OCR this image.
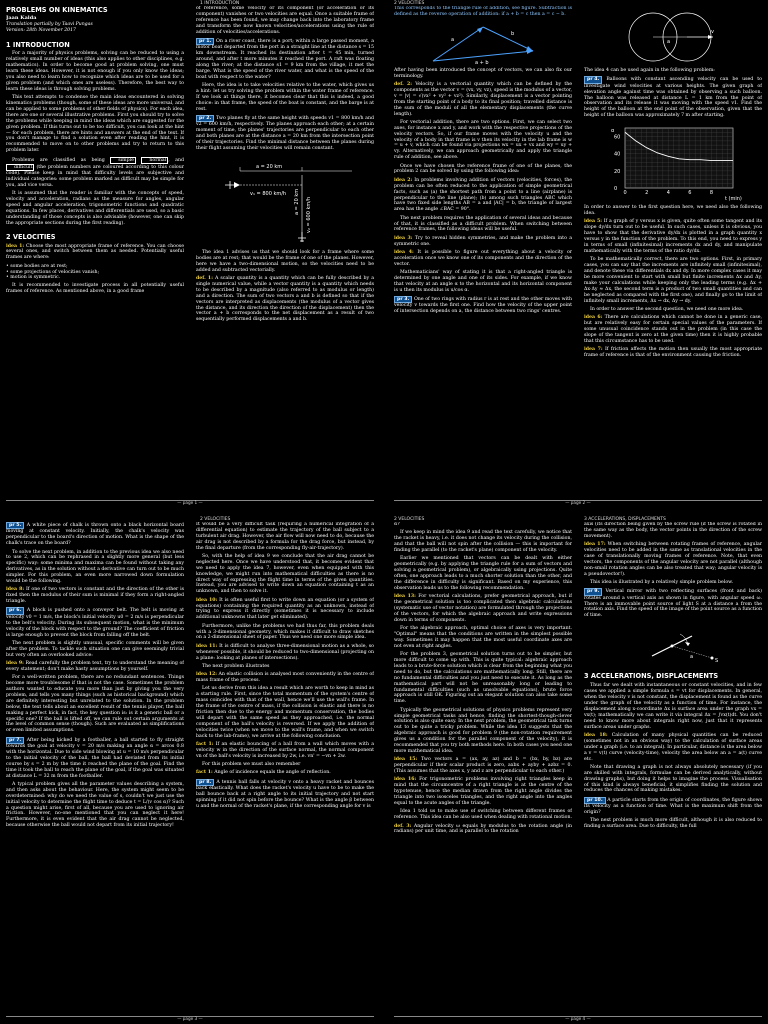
1 INTRODUCTION
PROBLEMS ON KINEMATICS
Jaan Kalda
Translation partially by Taavi Pungas
Version: 28th November 2017
1 INTRODUCTION

For a majority of physics problems, solving can be reduced to using a relatively small number of ideas (this also applies to other disciplines, e.g. mathematics). In order to become good at problem solving, one must learn these ideas. However, it is not enough if you only know the ideas; you also need to learn how to recognize which ideas are to be used for a given problem (and which ones are useless). Therefore, the best way to learn these ideas is through solving problems.

This text attempts to condense the main ideas encountered in solving kinematics problems (though, some of these ideas are more universal, and can be applied to some problems of other fields of physics). For each idea, there are one or several illustrative problems. First you should try to solve the problems while keeping in mind the ideas which are suggested for the given problem. If this turns out to be too difficult, you can look at the hint — for each problem, there are hints and answers at the end of the text. If you don't manage to find a solution even after reading the hint, it is recommended to move on to other problems and try to return to this problem later.

Problems are classified as being	simple	normal , and difficult (the problem numbers are coloured according to this colour code). Please keep in mind that difficulty levels are subjective and individual categories: some problem marked as difficult may be simple for you, and vice versa.

It is assumed that the reader is familiar with the concepts of speed, velocity and acceleration, radians as the measure for angles, angular speed and angular acceleration, trigonometric functions and quadratic equations. In few places, derivatives and differentials are used, so a basic understanding of those concepts is also advisable (however, one can skip the appropriate sections during the first reading).

2 VELOCITIES

idea 1: Choose the most appropriate frame of reference. You can choose several ones, and switch between them as needed. Potentially useful frames are where:

• some bodies are at rest;
• some projections of velocities vanish;
• motion is symmetric.

It is recommended to investigate process in all potentially useful frames of reference. As mentioned above, in a good frame

of reference, some velocity or its component (or acceleration or its component) vanishes or two velocities are equal. Once a suitable frame of reference has been found, we may change back into the laboratory frame and transform the now known velocities/accelerations using the rule of addition of velocities/accelerations.

pr 1. On a river coast, there is a port; within a large passed moment, a motor boat departed from the port in a straight line at the distance s = 15 km downstream. It reached its destination after t = 45 min, turned around, and after t more minutes it reached the port. A raft was floating along the river; at the distance s1 = 9 km from the village, it met the barge. What is the speed of the river water, and what is the speed of the boat with respect to the water?

Here, the idea is to take velocities relative to the water, which gives us a hint: let us try solving the problem within the water frame of reference. If we look at things there, it becomes clear that this is indeed, a good choice: in that frame, the speed of the boat is constant, and the barge is at rest.

pr 2. Two planes fly at the same height with speeds v1 = 800 km/h and v2 = 600 km/h, respectively. The planes approach each other; at a certain moment of time, the planes' trajectories are perpendicular to each other and both planes are at the distance a = 20 km from the intersection point of their trajectories. Find the minimal distance between the planes during their flight assuming their velocities will remain constant.

a = 20 km
v₁ = 800 km/h
v₂ = 600 km/h
a = 20 km

The idea 1 advises us that we should look for a frame where some bodies are at rest; that would be the frame of one of the planes. However, here we have a two-dimensional motion, so the velocities need to be added and subtracted vectorially.

def. 1: A scalar quantity is a quantity which can be fully described by a single numerical value, while a vector quantity is a quantity which needs to be described by a magnitude (also referred to as modulus or length) and a direction. The sum of two vectors a and b is defined so that if the vectors are interpreted as displacements (the modulus of a vector gives the distance, and its direction the direction of the displacement) then the vector a + b corresponds to the net displacement as a result of two sequentially performed displacements a and b.

— page 1 —
2 VELOCITIES

This corresponds to the triangle rule of addition, see figure. Subtraction is defined as the reverse operation of addition: if a + b = c then a = c − b.

a
b
a + b

After having been introduced the concept of vectors, we can also fix our terminology.

def. 2: Velocity is a vectorial quantity which can be defined by the components as the vector v = (vx, vy, vz), speed is the modulus of a vector, v = |v| = √(vx² + vy² + vz²). Similarly, displacement is a vector pointing from the starting point of a body to its final position; travelled distance is the sum of the moduli of all the elementary displacements (the curve length).

For vectorial addition, there are two options. First, we can select two axes, for instance x and y, and work with the respective projections of the velocity vectors. So, if our frame moves with the velocity u and the velocity of a body in that frame is v then its velocity in the lab frame is w = u + v, which can be found via projections wx = ux + vx and wy = uy + vy. Alternatively, we can approach geometrically and apply the triangle rule of addition, see above.

Once we have chosen the reference frame of one of the planes, the problem 2 can be solved by using the following idea:

idea 2: In problems involving addition of vectors (velocities, forces), the problem can be often reduced to the application of simple geometrical facts, such as (a) the shortest path from a point to a line (airplane) is perpendicular to the line (plane); (b) among such triangles ABC which have two fixed side lengths AB = a and |AC| = b, the triangle of largest area has the angle ∠BAC = 90°.

The next problem requires the application of several ideas and because of that, it is classified as a difficult problem. When switching between reference frames, the following ideas will be useful.

idea 3: Try to reveal hidden symmetries, and make the problem into a symmetric one.

idea 4: It is possible to figure out everything about a velocity or acceleration once we know one of its components and the direction of the vector.

Mathematicians' way of stating it is that a right-angled triangle is determined by one angle and one of its sides. For example, if we know that velocity at an angle α to the horizontal and its horizontal component is u then its modulus is u/cos α.

pr 3. One of two rings with radius r is at rest and the other moves with velocity v towards the first one. Find how the velocity of the upper point of intersection depends on a, the distance between two rings' centres.

v
a

The idea 4 can be used again in the following problem:

pr 4. Balloons with constant ascending velocity can be used to investigate wind velocities at various heights. The given graph of elevation angle against time was obtained by observing a such balloon. The balloon was released at distance L = 1 km from the point of observation and its release it was moving with the speed v1. Find the height of the balloon at the end point of the observation, given that the height of the balloon was approximately 7 m after starting.

0	2	4	6	8
0
20
40
60
t (min)
α

In order to answer to the first question here, we need also the following idea.

idea 5: If a graph of y versus x is given, quite often some tangent and its slope dy/dx turn out to be useful. In such cases, unless it is obvious, you have to show that the derivative dy/dx is plotted in a graph quantity x versus y in the function of the problem. To this end, you need to express y in terms of small (infinitesimal) increments dx and dy, and manipulate mathematically with the terms of the ratio dy/dx.

To be mathematically correct, there are two options. First, in primary cases, you can say that the increments are infinitely small (infinitesimal), and denote these via differentials dx and dy. In more complex cases it may be more convenient to start with small but finite increments Δx and Δy, make your calculations while keeping only the leading terms (e.g. Δx + Δx·Δy ≈ Δx, the second term is a product of two small quantities and can be neglected as compared with the first one), and finally go to the limit of infinitely small increments, Δx → dx, Δy → dy.

In order to answer the second question, we need one more idea.

idea 6: There are calculations which cannot be done in a generic case, but are relatively easy for certain special values of the parameters. If some unusual coincidence stands out in the problem (in this case the slope of the tangent is zero at the given time) then it is highly probable that this circumstance has to be used.

idea 7: If friction affects the motion then usually the most appropriate frame of reference is that of the environment causing the friction.

— page 2 —
2 VELOCITIES

pr 5. A white piece of chalk is thrown onto a black horizontal board moving at constant velocity. Initially, the chalk's velocity was perpendicular to the board's direction of motion. What is the shape of the chalk's trace on the board?

To solve the next problem, in addition to the previous idea we also need to use 2, which can be rephrased in a slightly more general (but less specific) way: some minima and maxima can be found without taking any derivatives, as in the solution without a derivative can turn out to be much simpler. For this problem, an even more narrowed down formulation would be the following.

idea 8: If one of two vectors is constant and the direction of the other is fixed then the modulus of their sum is minimal if they form a right-angled triangle.

pr 6. A block is pushed onto a conveyor belt. The belt is moving at velocity v0 = 1 m/s, the block's initial velocity u0 = 2 m/s is perpendicular to the belt's velocity. During its subsequent motion, what is the minimum velocity of the block with respect to the ground? The coefficient of friction is large enough to prevent the block from falling off the belt.

The next problem is slightly unusual, specific comments will be given after the problem. To tackle such situation one can give seemingly trivial but very often an overlooked advice:

idea 9: Read carefully the problem text, try to understand the meaning of every statement; don't make hasty assumptions by yourself.

For a well-written problem, there are no redundant sentences. Things become more troublesome if that is not the case. Sometimes the problem authors wanted to educate you more than just by giving you the very problem, and tells you many things (such as historical background) which are definitely interesting but unrelated to the solution. In the problem below, the text tells about an excellent result of the tennis player, the ball making a perfect kick, in fact, the key question is: is it a generic ball or a specific one? If the ball is lifted off, we can rule out certain arguments at the level of common sense (though). Such are evaluated as simplifications or even limited assumptions.

pr 7. After being kicked by a footballer, a ball started to fly straight towards the goal at velocity v = 20 m/s making an angle α = arcos 0.8 with the horizontal. Due to side wind blowing at u = 10 m/s perpendicular to the initial velocity of the ball, the ball had deviated from its initial course by s = 2 m by the time it reached the plane of the goal. Find the time it took the ball to reach the plane of the goal, if the goal was situated at distance L = 32 m from the footballer.

A typical problem gives all the parameter values describing a system, and then asks about the behaviour. Here, the system might seem to be overdetermined: why do we need the value of s, couldn't we just use the initial velocity to determine the flight time to deduce t = L/(v cos α)? Such a question might arise, first of all, because you are used to ignoring air friction. However, no-one mentioned that you can neglect it here! Furthermore, it is even evident that the air drag cannot be neglected, because otherwise the ball would not depart from its initial trajectory!

It would be a very difficult task (requiring a numerical integration of a differential equation) to estimate the trajectory of the ball subject to a turbulent air drag. However, the air flow will now need to do, because the air drag is not described by a formula for the drag force, but instead, by the final departure (from the corresponding fly-air-trajectory).

So, with the help of idea 9 we conclude that the air drag cannot be neglected here. Once we have understood that, it becomes evident that we need to apply the idea 7, however, even when equipped with this knowledge, we might run into mathematical difficulties as there is no direct way of expressing the flight time in terms of the given quantities. Instead, you are advised to write down an equation containing t as an unknown, and then to solve it.

idea 10: It is often useful first to write down an equation (or a system of equations) containing the required quantity as an unknown, instead of trying to express it directly (sometimes it is necessary to include additional unknowns that later get eliminated).

Furthermore, unlike the problems we had thus far, this problem deals with a 3-dimensional geometry, which makes it difficult to draw sketches on a 2-dimensional sheet of paper. Thus we need one more simple idea.

idea 11: It is difficult to analyse three-dimensional motion as a whole, so whenever possible, it should be reduced to two-dimensional (projecting on a plane: looking at planes of intersections).

The next problem illustrates

idea 12: An elastic collision is analysed most conveniently in the centre of mass frame of the process.

Let us derive from this idea a result which are worth to keep in mind as a starting rule. First, since the total momentum of the system's centre of mass coincides with that of the wall, hence we'll use the wall's frame. In the frame of the centre of mass, if the collision is elastic and there is no friction then due to the energy and momentum conservation, the bodies will depart with the same speed as they approached, i.e. the normal component of the ball's velocity is reversed. If we apply the addition of velocities twice (when we move to the wall's frame, and when we switch back to the lab-frame), we arrive at the following conclusion.

fact 1: If an elastic bouncing of a ball from a wall which moves with a velocity w in the direction of the surface normal, the normal component vn of the ball's velocity is increased by 2w, i.e. vn' = −vn + 2w.

For this problem we must also remember

fact 1: Angle of incidence equals the angle of reflection.

pr 8. A tennis ball falls at velocity v onto a heavy racket and bounces back elastically. What does the racket's velocity u have to be to make the ball bounce back at a right angle to its initial trajectory and not start spinning if it did not spin before the bounce? What is the angle β between u and the normal of the racket's plane, if the corresponding angle for v is

— page 3 —
2 VELOCITIES	3 ACCELERATIONS, DISPLACEMENTS

α?

If we keep in mind the idea 9 and read the text carefully, we notice that the racket is heavy, i.e. it does not change its velocity during the collision, and that the ball will not spin after the collision — this is important for finding the parallel (to the racket's plane) component of the velocity.

Earlier we mentioned that vectors can be dealt with either geometrically (e.g. by applying the triangle rule for a sum of vectors and solving a geometrical problem), or algebraically using projections. Quite often, one approach leads to a much shorter solution than the other, and the difference in difficulty is significant. Based on my experience, this observation leads us to the following recommendation.

idea 13: For vectorial calculations, prefer geometrical approach, but if the geometrical solution is too complicated then algebraic calculations (systematic use of vector notation) are formulated through the projections of the vectors, for which the algebraic approach and write expressions down in terms of components.

For the algebraic approach, optimal choice of axes is very important. "Optimal" means that the conditions are written in the simplest possible way. Sometimes it may happen that the most useful coordinate axes are not even at right angles.

For the problem 3, geometrical solution turns out to be simpler, but more difficult to come up with. This is quite typical: algebraic approach leads to a brute-force solution which is clear from the beginning what you need to do, but the calculations are mathematically long. Still, there are no fundamental difficulties and you just need to execute it. As long as the mathematical part will not be unreasonably long or leading to fundamental difficulties (such as unsolvable equations), brute force approach is still OK. Figuring out an elegant solution can also take some time.

Typically the geometrical solutions of physics problems represent very simple geometrical tasks and hence, finding the shortest-though-clever solution is also quite easy. In the next problem, the geometrical task turns out to be quite a tricky problem. While the idea 13 suggests that the algebraic approach is good for problem 9 (the non-rotation requirement gives us a condition for the parallel component of the velocity), it is recommended that you try both methods here. In both cases you need one more mathematical idea.

idea 15: Two vectors a = (ax, ay, az) and b = (bx, by, bz) are perpendicular if their scalar product is zero, axbx + ayby + azbz = 0. (This assumes that the axes x, y and z are perpendicular to each other.)

idea 16: For trigonometric problems involving right triangles keep in mind that the circumcentre of a right triangle is at the centre of the hypotenuse, hence the median drawn from the right angle divides the triangle into two isosceles triangles, and the right angle into the angles equal to the acute angles of the triangle.

Idea 1 told us to make use of switching between different frames of reference. This idea can be also used when dealing with rotational motion.

def. 3: Angular velocity ω equals by modulus to the rotation angle (in radians) per unit time, and is parallel to the rotation

axis (its direction being given by the screw rule (if the screw is rotated in the same way as the body, the vector points in the direction of the screw movement).

idea 17: When switching between rotating frames of reference, angular velocities need to be added in the same as translational velocities in the case of translationally moving frames of reference. Note, that even vectors, the components of the angular velocity are not parallel (although non-small rotation angles can be also treated that way; angular velocity is a pseudovector!).

This idea is illustrated by a relatively simple problem below.

pr 9. Vertical mirror with two reflecting surfaces (front and back) rotates around a vertical axis as shown in figure, with angular speed ω. There is an immovable point source of light S at a distance a from the rotation axis. Find the speed of the image of the point source as a function of time.

S
a
3 ACCELERATIONS, DISPLACEMENTS

Thus far we dealt with instantaneous or constant velocities, and in few cases we applied a simple formula s = vt for displacements. In general, when the velocity v is not constant, the displacement is found as the curve under the graph of the velocity as a function of time. For instance, the displacement along x-coordinate Δx is surface area under the graph vx = vx(t); mathematically we can write it via integral Δx = ∫vx(t)dt. You don't need to know more about integrals right now, just that it represents surface areas under graphs.

idea 18: Calculation of many physical quantities can be reduced (sometimes not in an obvious way) to the calculation of surface areas under a graph (i.e. to an integral). In particular, distance is the area below a v = v(t) curve (velocity-time), velocity the area below an a = a(t) curve etc.

Note that drawing a graph is not always absolutely necessary (if you are skilled with integrals, formulae can be derived analytically, without drawing graphs), but doing it helps to imagine the process. Visualisation of this kind is always beneficial, it simplifies finding the solution and reduces the chances of making mistakes.

pr 10. A particle starts from the origin of coordinates, the figure shows its velocity as a function of time. What is the maximum shift from the origin?

The next problem is much more difficult, although it is also reduced to finding a surface area. Due to difficulty, the full

— page 4 —
